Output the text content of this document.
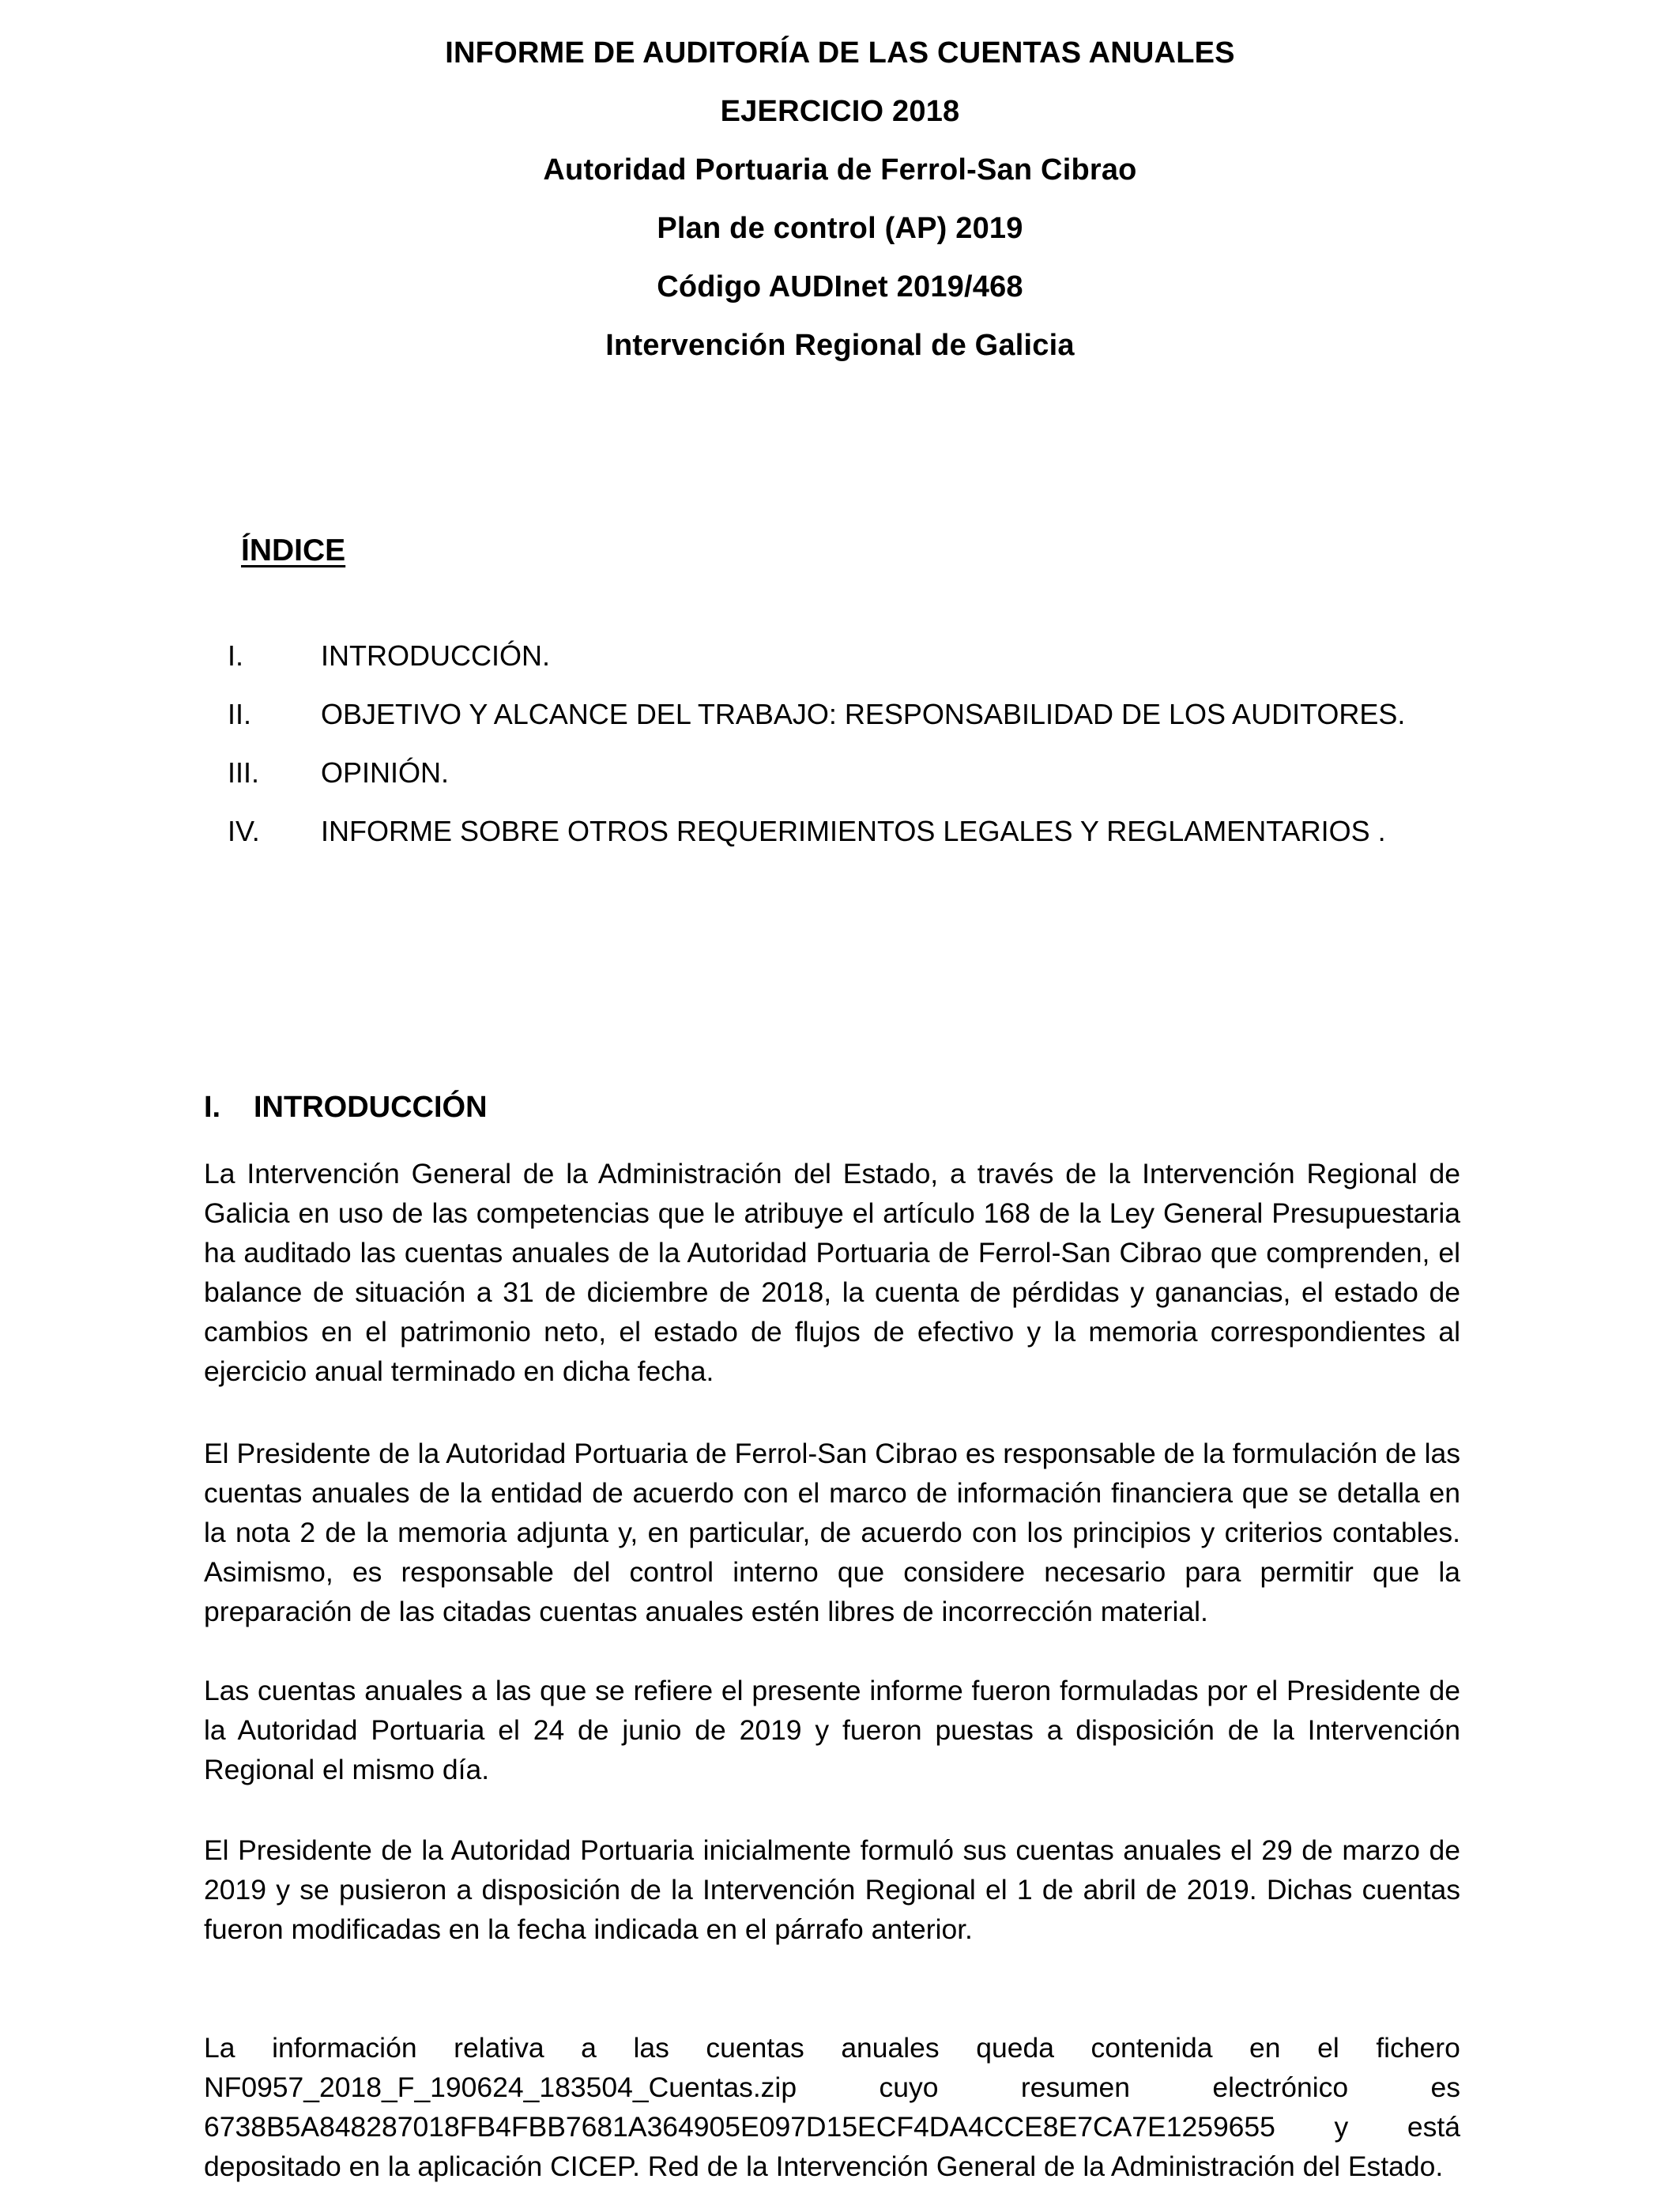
INFORME DE AUDITORÍA DE LAS CUENTAS ANUALES
EJERCICIO 2018
Autoridad Portuaria de Ferrol-San Cibrao
Plan de control (AP) 2019
Código AUDInet 2019/468
Intervención Regional de Galicia
ÍNDICE
I.	INTRODUCCIÓN.
II.	OBJETIVO Y ALCANCE DEL TRABAJO: RESPONSABILIDAD DE LOS AUDITORES.
III.	OPINIÓN.
IV.	INFORME SOBRE OTROS REQUERIMIENTOS LEGALES Y REGLAMENTARIOS .
I.	INTRODUCCIÓN

La Intervención General de la Administración del Estado, a través de la Intervención Regional de Galicia en uso de las competencias que le atribuye el artículo 168 de la Ley General Presupuestaria ha auditado las cuentas anuales de la Autoridad Portuaria de Ferrol-San Cibrao que comprenden, el balance de situación a 31 de diciembre de 2018, la cuenta de pérdidas y ganancias, el estado de cambios en el patrimonio neto, el estado de flujos de efectivo y la memoria correspondientes al ejercicio anual terminado en dicha fecha.

El Presidente de la Autoridad Portuaria de Ferrol-San Cibrao es responsable de la formulación de las cuentas anuales de la entidad de acuerdo con el marco de información financiera que se detalla en la nota 2 de la memoria adjunta y, en particular, de acuerdo con los principios y criterios contables. Asimismo, es responsable del control interno que considere necesario para permitir que la preparación de las citadas cuentas anuales estén libres de incorrección material.

Las cuentas anuales a las que se refiere el presente informe fueron formuladas por el Presidente de la Autoridad Portuaria el 24 de junio de 2019 y fueron puestas a disposición de la Intervención Regional el mismo día.

El Presidente de la Autoridad Portuaria inicialmente formuló sus cuentas anuales el 29 de marzo de 2019 y se pusieron a disposición de la Intervención Regional el 1 de abril de 2019. Dichas cuentas fueron modificadas en la fecha indicada en el párrafo anterior.

La información relativa a las cuentas anuales queda contenida en el fichero
NF0957_2018_F_190624_183504_Cuentas.zip	cuyo	resumen	electrónico	es
6738B5A848287018FB4FBB7681A364905E097D15ECF4DA4CCE8E7CA7E1259655 y está
depositado en la aplicación CICEP. Red de la Intervención General de la Administración del Estado.
